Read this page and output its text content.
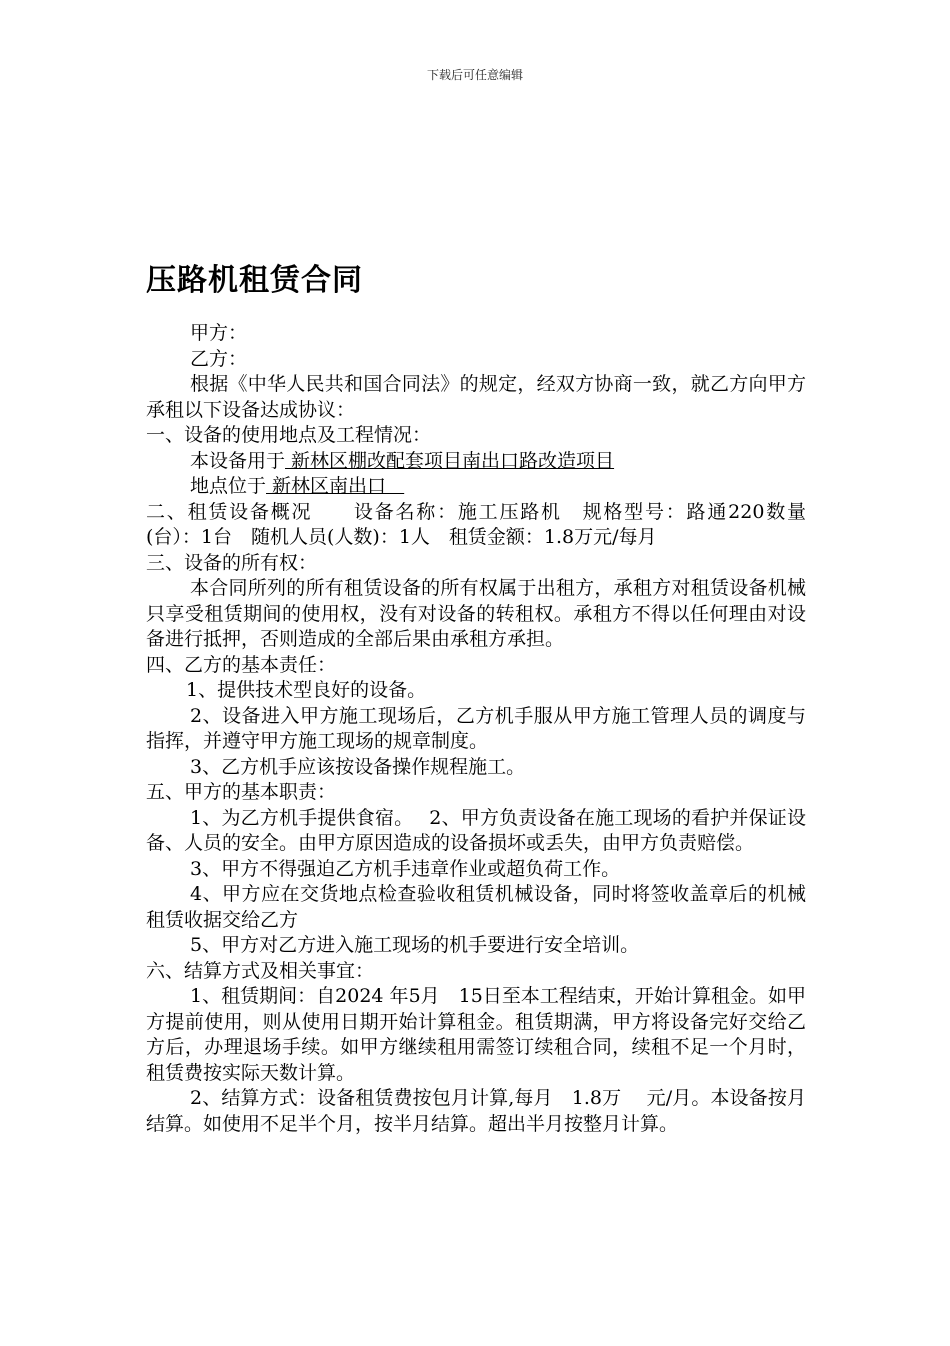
下载后可任意编辑
压路机租赁合同

甲方：

乙方：

根据《中华人民共和国合同法》的规定，经双方协商一致，就乙方向甲方承租以下设备达成协议：

一、设备的使用地点及工程情况：

本设备用于 新林区棚改配套项目南出口路改造项目

地点位于 新林区南出口

二、租赁设备概况　　设备名称：施工压路机　规格型号：路通220数量(台）：1台　随机人员(人数)：1人　租赁金额：1.8万元/每月

三、设备的所有权：

本合同所列的所有租赁设备的所有权属于出租方，承租方对租赁设备机械只享受租赁期间的使用权，没有对设备的转租权。承租方不得以任何理由对设备进行抵押，否则造成的全部后果由承租方承担。

四、乙方的基本责任：

1、提供技术型良好的设备。

2、设备进入甲方施工现场后，乙方机手服从甲方施工管理人员的调度与指挥，并遵守甲方施工现场的规章制度。

3、乙方机手应该按设备操作规程施工。

五、甲方的基本职责：

1、为乙方机手提供食宿。　 2、甲方负责设备在施工现场的看护并保证设备、人员的安全。由甲方原因造成的设备损坏或丢失，由甲方负责赔偿。

3、甲方不得强迫乙方机手违章作业或超负荷工作。

4、甲方应在交货地点检查验收租赁机械设备，同时将签收盖章后的机械租赁收据交给乙方

5、甲方对乙方进入施工现场的机手要进行安全培训。

六、结算方式及相关事宜：

1、租赁期间：自2024 年5月　15日至本工程结束，开始计算租金。如甲方提前使用，则从使用日期开始计算租金。租赁期满，甲方将设备完好交给乙方后，办理退场手续。如甲方继续租用需签订续租合同，续租不足一个月时，租赁费按实际天数计算。

2、结算方式：设备租赁费按包月计算,每月　1.8万　 元/月。本设备按月结算。如使用不足半个月，按半月结算。超出半月按整月计算。
